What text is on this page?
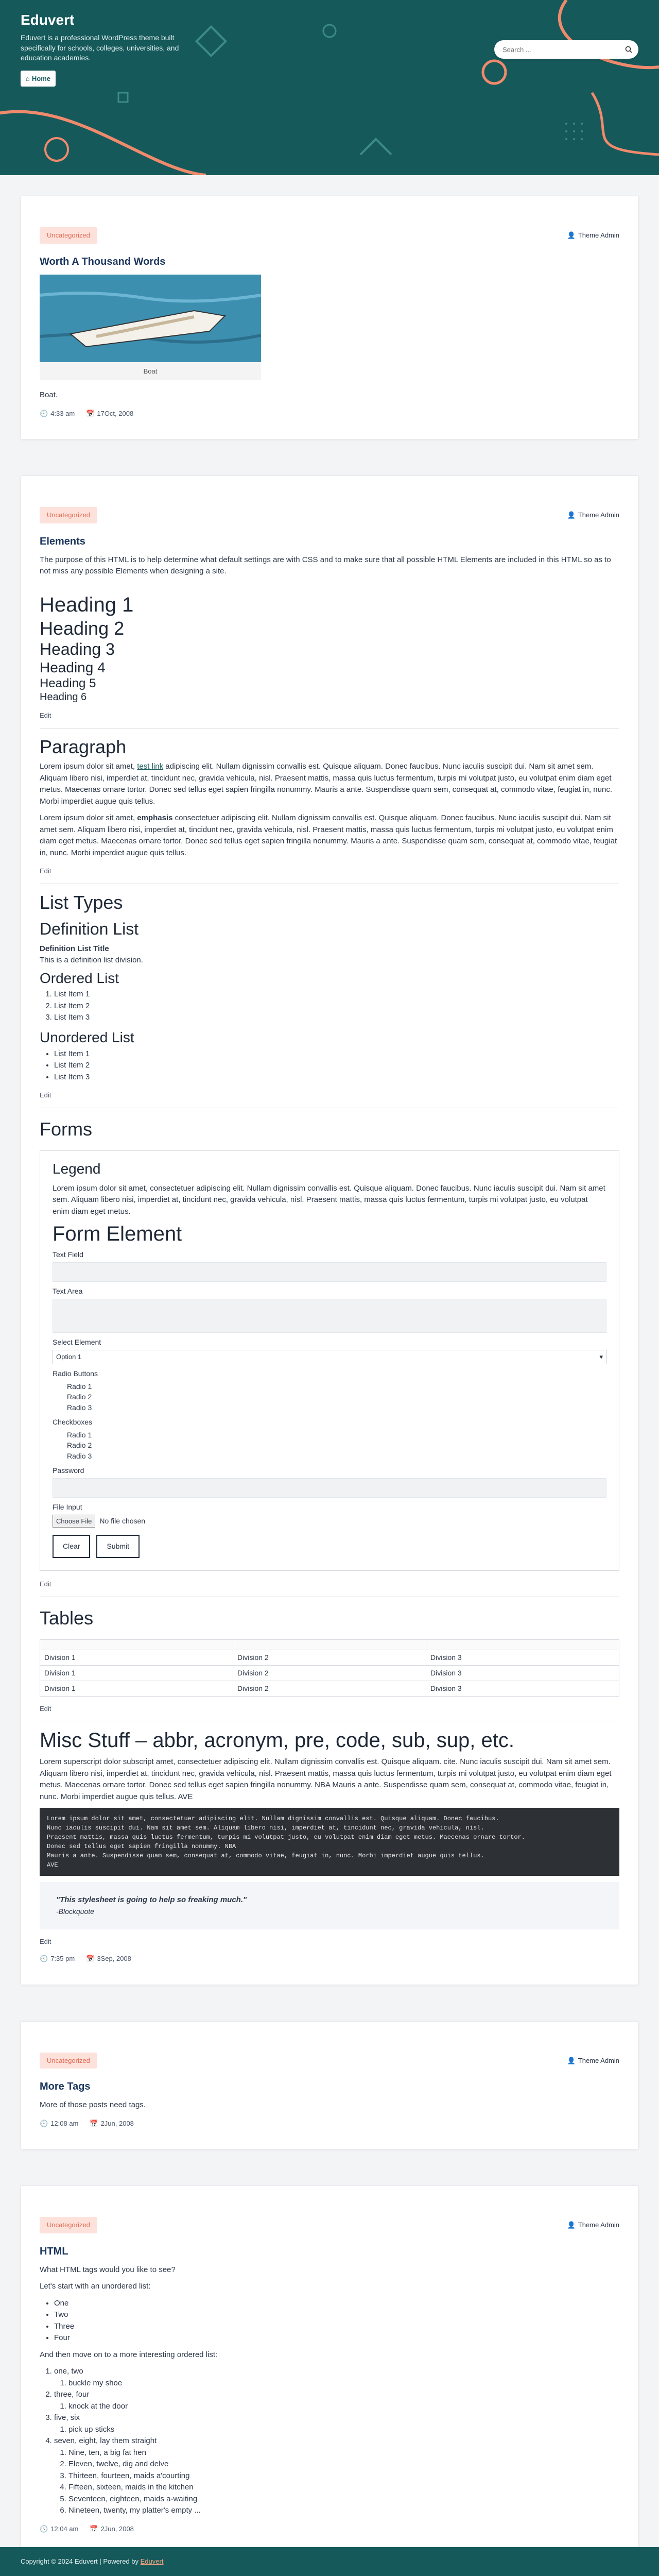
Eduvert

Eduvert is a professional WordPress theme built specifically for schools, colleges, universities, and education academies.

⌂ Home
Search ...
Uncategorized	👤 Theme Admin
Worth A Thousand Words
Boat

Boat.

🕓 4:33 am 📅 17Oct, 2008
Uncategorized	👤 Theme Admin
Elements

The purpose of this HTML is to help determine what default settings are with CSS and to make sure that all possible HTML Elements are included in this HTML so as to not miss any possible Elements when designing a site.

Heading 1
Heading 2
Heading 3
Heading 4
Heading 5
Heading 6
Edit
Paragraph

Lorem ipsum dolor sit amet, test link adipiscing elit. Nullam dignissim convallis est. Quisque aliquam. Donec faucibus. Nunc iaculis suscipit dui. Nam sit amet sem. Aliquam libero nisi, imperdiet at, tincidunt nec, gravida vehicula, nisl. Praesent mattis, massa quis luctus fermentum, turpis mi volutpat justo, eu volutpat enim diam eget metus. Maecenas ornare tortor. Donec sed tellus eget sapien fringilla nonummy. Mauris a ante. Suspendisse quam sem, consequat at, commodo vitae, feugiat in, nunc. Morbi imperdiet augue quis tellus.

Lorem ipsum dolor sit amet, emphasis consectetuer adipiscing elit. Nullam dignissim convallis est. Quisque aliquam. Donec faucibus. Nunc iaculis suscipit dui. Nam sit amet sem. Aliquam libero nisi, imperdiet at, tincidunt nec, gravida vehicula, nisl. Praesent mattis, massa quis luctus fermentum, turpis mi volutpat justo, eu volutpat enim diam eget metus. Maecenas ornare tortor. Donec sed tellus eget sapien fringilla nonummy. Mauris a ante. Suspendisse quam sem, consequat at, commodo vitae, feugiat in, nunc. Morbi imperdiet augue quis tellus.

Edit
List Types
Definition List
Definition List Title
This is a definition list division.
Ordered List
1. List Item 1
2. List Item 2
3. List Item 3
Unordered List
• List Item 1
• List Item 2
• List Item 3
Edit
Forms
Legend

Lorem ipsum dolor sit amet, consectetuer adipiscing elit. Nullam dignissim convallis est. Quisque aliquam. Donec faucibus. Nunc iaculis suscipit dui. Nam sit amet sem. Aliquam libero nisi, imperdiet at, tincidunt nec, gravida vehicula, nisl. Praesent mattis, massa quis luctus fermentum, turpis mi volutpat justo, eu volutpat enim diam eget metus.

Form Element
Text Field
Text Area
Select Element
Option 1	▾
Radio Buttons
Radio 1
Radio 2
Radio 3
Checkboxes
Radio 1
Radio 2
Radio 3
Password
File Input
Choose File	No file chosen
Clear	Submit
Edit
Tables

Division 1	Division 2	Division 3
Division 1	Division 2	Division 3
Division 1	Division 2	Division 3
Edit
Misc Stuff – abbr, acronym, pre, code, sub, sup, etc.

Lorem superscript dolor subscript amet, consectetuer adipiscing elit. Nullam dignissim convallis est. Quisque aliquam. cite. Nunc iaculis suscipit dui. Nam sit amet sem. Aliquam libero nisi, imperdiet at, tincidunt nec, gravida vehicula, nisl. Praesent mattis, massa quis luctus fermentum, turpis mi volutpat justo, eu volutpat enim diam eget metus. Maecenas ornare tortor. Donec sed tellus eget sapien fringilla nonummy. NBA Mauris a ante. Suspendisse quam sem, consequat at, commodo vitae, feugiat in, nunc. Morbi imperdiet augue quis tellus. AVE

Lorem ipsum dolor sit amet, consectetuer adipiscing elit. Nullam dignissim convallis est. Quisque aliquam. Donec faucibus.
Nunc iaculis suscipit dui. Nam sit amet sem. Aliquam libero nisi, imperdiet at, tincidunt nec, gravida vehicula, nisl.
Praesent mattis, massa quis luctus fermentum, turpis mi volutpat justo, eu volutpat enim diam eget metus. Maecenas ornare tortor.
Donec sed tellus eget sapien fringilla nonummy. NBA
Mauris a ante. Suspendisse quam sem, consequat at, commodo vitae, feugiat in, nunc. Morbi imperdiet augue quis tellus.
AVE
"This stylesheet is going to help so freaking much."
-Blockquote
Edit
🕓 7:35 pm 📅 3Sep, 2008
Uncategorized	👤 Theme Admin
More Tags

More of those posts need tags.

🕓 12:08 am 📅 2Jun, 2008
Uncategorized	👤 Theme Admin
HTML

What HTML tags would you like to see?

Let's start with an unordered list:

• One
• Two
• Three
• Four

And then move on to a more interesting ordered list:

1. one, two
1. buckle my shoe
2. three, four
1. knock at the door
3. five, six
1. pick up sticks
4. seven, eight, lay them straight
1. Nine, ten, a big fat hen
2. Eleven, twelve, dig and delve
3. Thirteen, fourteen, maids a'courting
4. Fifteen, sixteen, maids in the kitchen
5. Seventeen, eighteen, maids a-waiting
6. Nineteen, twenty, my platter's empty ...
🕓 12:04 am 📅 2Jun, 2008

Copyright © 2024 Eduvert | Powered by Eduvert
